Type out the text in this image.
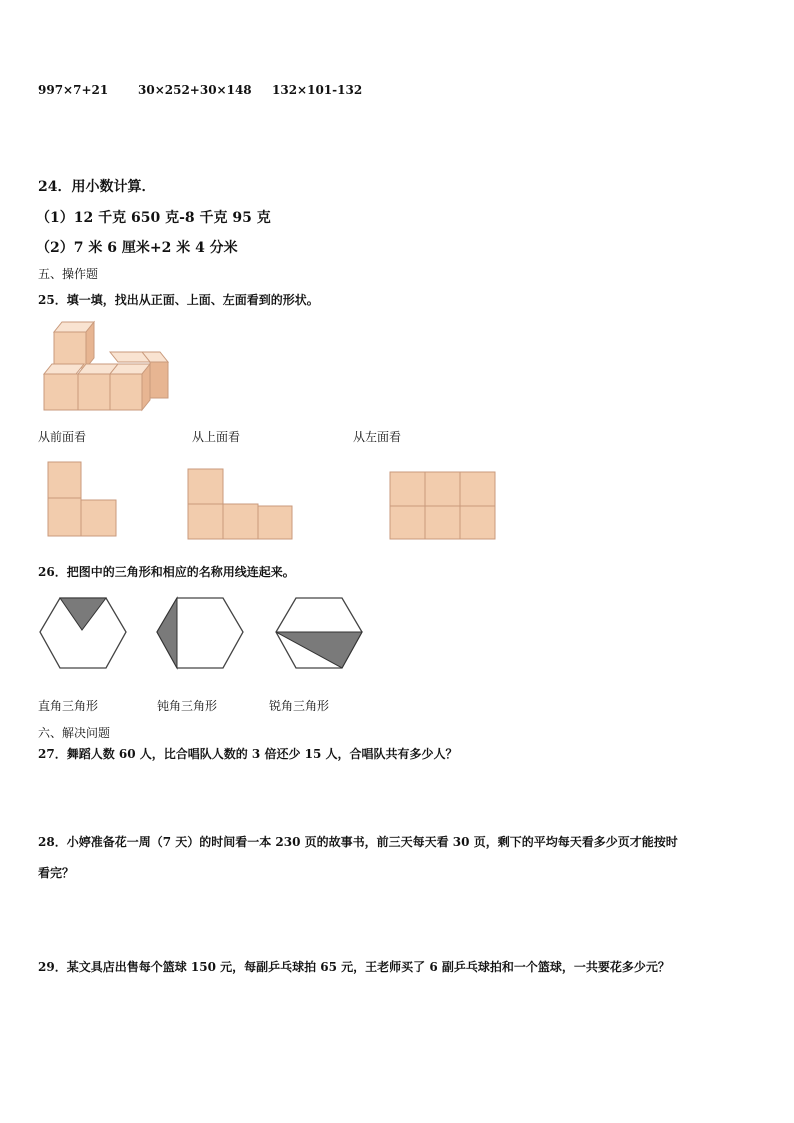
997×7+21 30×252+30×148 132×101-132
24．用小数计算．
（1）12 千克 650 克-8 千克 95 克
（2）7 米 6 厘米+2 米 4 分米
五、操作题
25．填一填，找出从正面、上面、左面看到的形状。
从前面看	从上面看	从左面看
26．把图中的三角形和相应的名称用线连起来。
直角三角形	钝角三角形	锐角三角形
六、解决问题
27．舞蹈人数 60 人，比合唱队人数的 3 倍还少 15 人，合唱队共有多少人？
28．小婷准备花一周（7 天）的时间看一本 230 页的故事书，前三天每天看 30 页，剩下的平均每天看多少页才能按时
看完？
29．某文具店出售每个篮球 150 元，每副乒乓球拍 65 元，王老师买了 6 副乒乓球拍和一个篮球，一共要花多少元？
